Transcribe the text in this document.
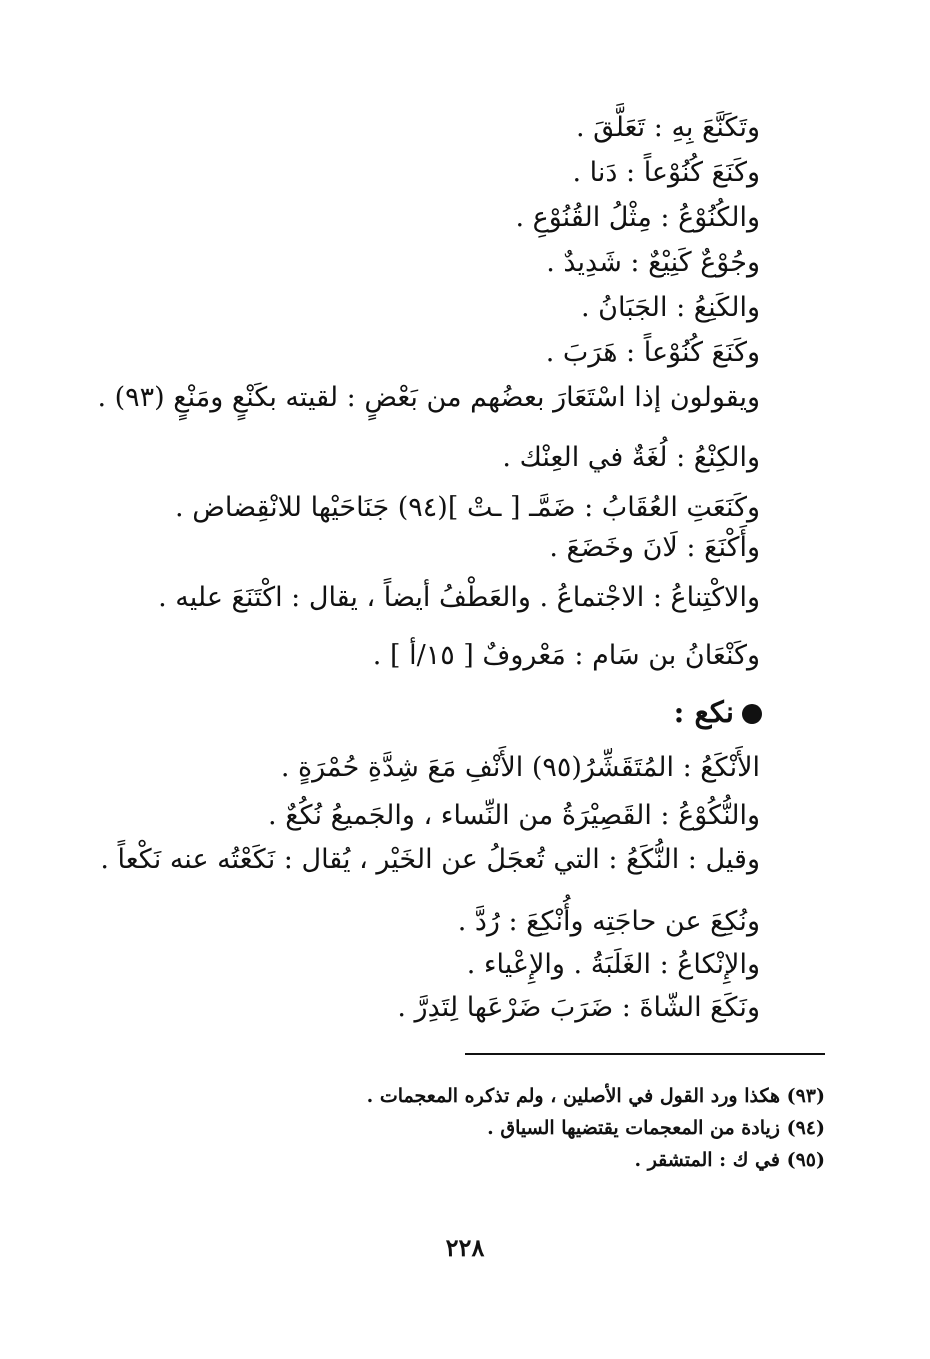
وتَكَنَّعَ بِهِ : تَعَلَّقَ .
وكَنَعَ كُنُوْعاً : دَنا .
والكُنُوْعُ : مِثْلُ القُنُوْعِ .
وجُوْعٌ كَنِيْعٌ : شَدِيدٌ .
والكَنِعُ : الجَبَانُ .
وكَنَعَ كُنُوْعاً : هَرَبَ .
ويقولون إذا اسْتَعَارَ بعضُهم من بَعْضٍ : لقيته بكَنْعٍ ومَنْعٍ (٩٣) .
والكِنْعُ : لُغَةٌ في العِنْك .
وكَنَعَتِ العُقَابُ : ضَمَّـ [ ـتْ ](٩٤) جَنَاحَيْها للانْقِضاض .
وأَكْنَعَ : لَانَ وخَضَعَ .
والاكْتِناعُ : الاجْتماعُ . والعَطْفُ أيضاً ، يقال : اكْتَنَعَ عليه .
وكَنْعَانُ بن سَام : مَعْروفٌ [ ١٥/أ ] .
نكع :
الأَنْكَعُ : المُتَقَشِّرُ(٩٥) الأَنْفِ مَعَ شِدَّةِ حُمْرَةٍ .
والنُّكُوْعُ : القَصِيْرَةُ من النِّساء ، والجَميعُ نُكُعٌ .
وقيل : النُّكَعُ : التي تُعجَلُ عن الخَيْر ، يُقال : نَكَعْتُه عنه نَكْعاً .
ونُكِعَ عن حاجَتِه وأُنْكِعَ : رُدَّ .
والإِنْكاعُ : الغَلَبَةُ . والإِعْياء .
ونَكَعَ الشّاةَ : ضَرَبَ ضَرْعَها لِتَدِرَّ .
(٩٣) هكذا ورد القول في الأصلين ، ولم تذكره المعجمات .
(٩٤) زيادة من المعجمات يقتضيها السياق .
(٩٥) في ك : المتشقر .
٢٢٨
